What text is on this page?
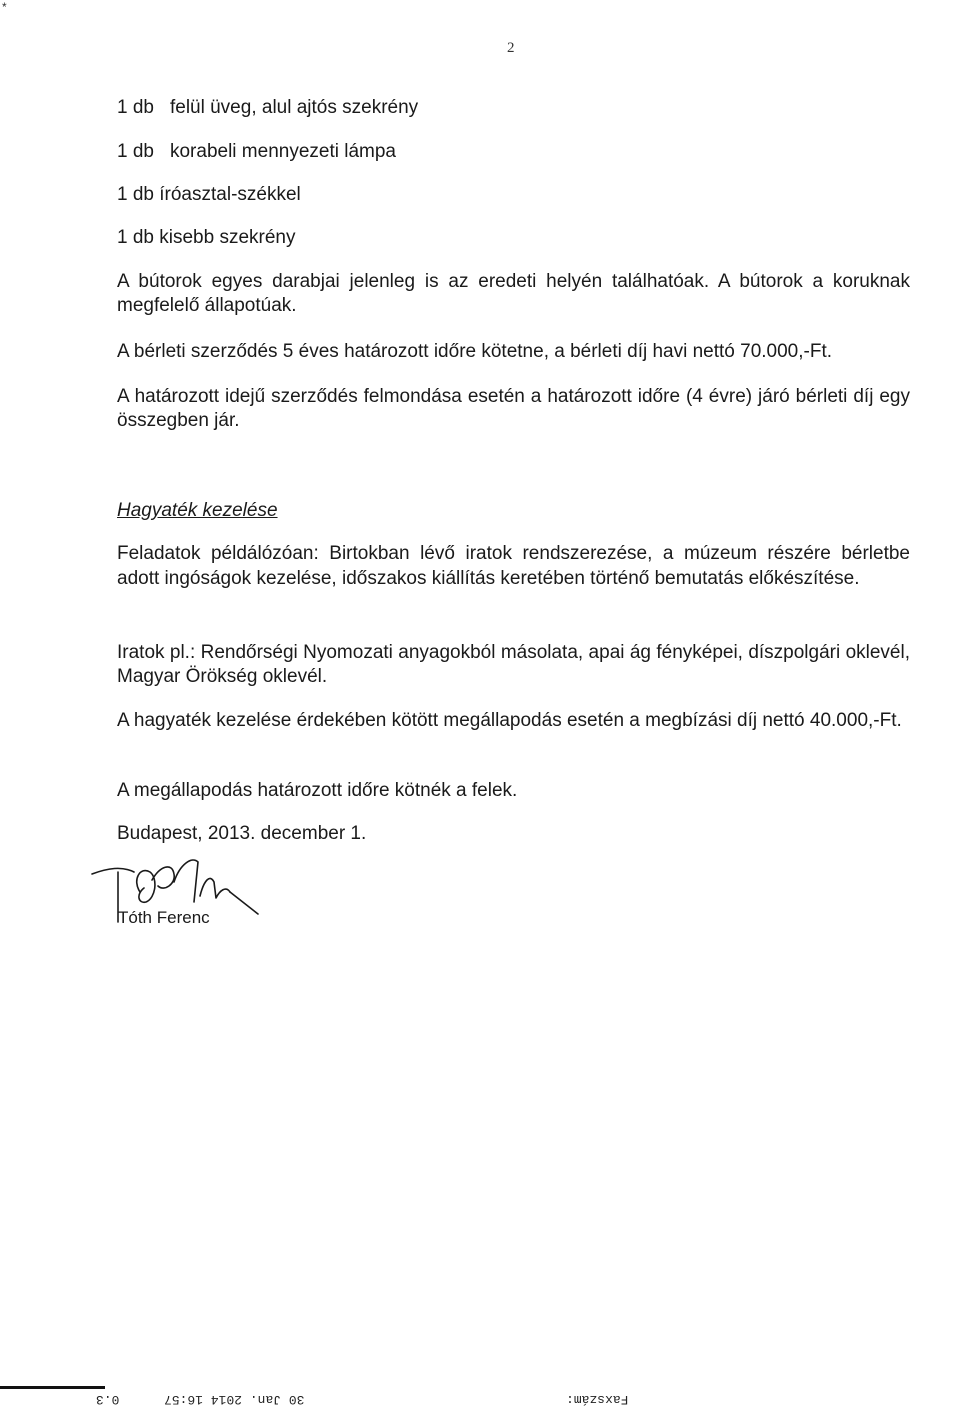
*
2
1 db felül üveg, alul ajtós szekrény
1 db korabeli mennyezeti lámpa
1 db íróasztal-székkel
1 db kisebb szekrény
A bútorok egyes darabjai jelenleg is az eredeti helyén találhatóak. A bútorok a koruknak megfelelő állapotúak.
A bérleti szerződés 5 éves határozott időre kötetne, a bérleti díj havi nettó 70.000,-Ft.
A határozott idejű szerződés felmondása esetén a határozott időre (4 évre) járó bérleti díj egy összegben jár.
Hagyaték kezelése
Feladatok példálózóan: Birtokban lévő iratok rendszerezése, a múzeum részére bérletbe adott ingóságok kezelése, időszakos kiállítás keretében történő bemutatás előkészítése.
Iratok pl.: Rendőrségi Nyomozati anyagokból másolata, apai ág fényképei, díszpolgári oklevél, Magyar Örökség oklevél.
A hagyaték kezelése érdekében kötött megállapodás esetén a megbízási díj nettó 40.000,-Ft.
A megállapodás határozott időre kötnék a felek.
Budapest, 2013. december 1.
Tóth Ferenc
0.3	30 Jan. 2014 16:57	Faxszám:
